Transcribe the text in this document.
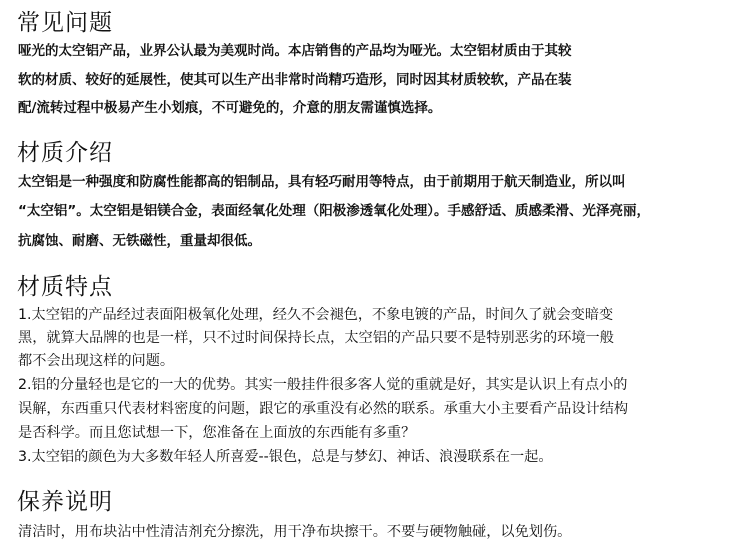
常见问题

哑光的太空铝产品，业界公认最为美观时尚。本店销售的产品均为哑光。太空铝材质由于其较

软的材质、较好的延展性，使其可以生产出非常时尚精巧造形，同时因其材质较软，产品在装

配/流转过程中极易产生小划痕，不可避免的，介意的朋友需谨慎选择。

材质介绍

太空铝是一种强度和防腐性能都高的铝制品，具有轻巧耐用等特点，由于前期用于航天制造业，所以叫

“太空铝”。太空铝是铝镁合金，表面经氧化处理（阳极渗透氧化处理）。手感舒适、质感柔滑、光泽亮丽，

抗腐蚀、耐磨、无铁磁性，重量却很低。

材质特点

1.太空铝的产品经过表面阳极氧化处理，经久不会褪色，不象电镀的产品，时间久了就会变暗变

黑，就算大品牌的也是一样，只不过时间保持长点，太空铝的产品只要不是特别恶劣的环境一般

都不会出现这样的问题。

2.铝的分量轻也是它的一大的优势。其实一般挂件很多客人觉的重就是好，其实是认识上有点小的

误解，东西重只代表材料密度的问题，跟它的承重没有必然的联系。承重大小主要看产品设计结构

是否科学。而且您试想一下，您准备在上面放的东西能有多重？

3.太空铝的颜色为大多数年轻人所喜爱--银色，总是与梦幻、神话、浪漫联系在一起。

保养说明

清洁时，用布块沾中性清洁剂充分擦洗，用干净布块擦干。不要与硬物触碰，以免划伤。
